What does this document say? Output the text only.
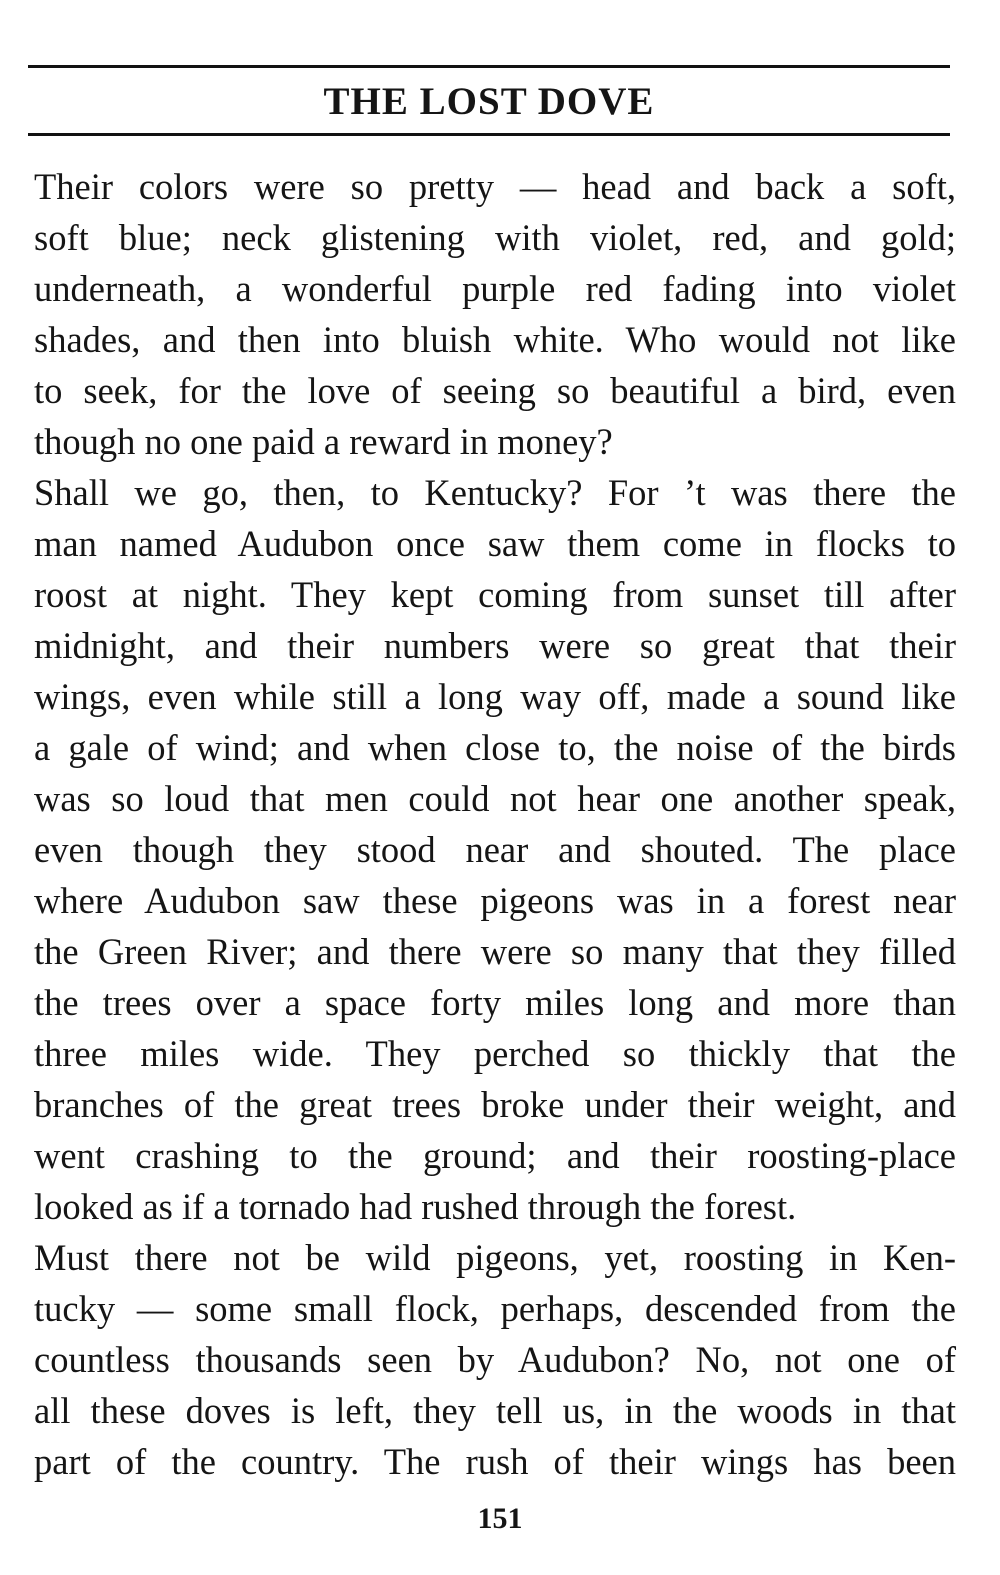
THE LOST DOVE
Their colors were so pretty — head and back a soft,
soft blue; neck glistening with violet, red, and gold;
underneath, a wonderful purple red fading into violet
shades, and then into bluish white. Who would not like
to seek, for the love of seeing so beautiful a bird, even
though no one paid a reward in money?
Shall we go, then, to Kentucky? For ’t was there the
man named Audubon once saw them come in flocks to
roost at night. They kept coming from sunset till after
midnight, and their numbers were so great that their
wings, even while still a long way off, made a sound like
a gale of wind; and when close to, the noise of the birds
was so loud that men could not hear one another speak,
even though they stood near and shouted. The place
where Audubon saw these pigeons was in a forest near
the Green River; and there were so many that they filled
the trees over a space forty miles long and more than
three miles wide. They perched so thickly that the
branches of the great trees broke under their weight, and
went crashing to the ground; and their roosting-place
looked as if a tornado had rushed through the forest.
Must there not be wild pigeons, yet, roosting in Ken-
tucky — some small flock, perhaps, descended from the
countless thousands seen by Audubon? No, not one of
all these doves is left, they tell us, in the woods in that
part of the country. The rush of their wings has been
151
